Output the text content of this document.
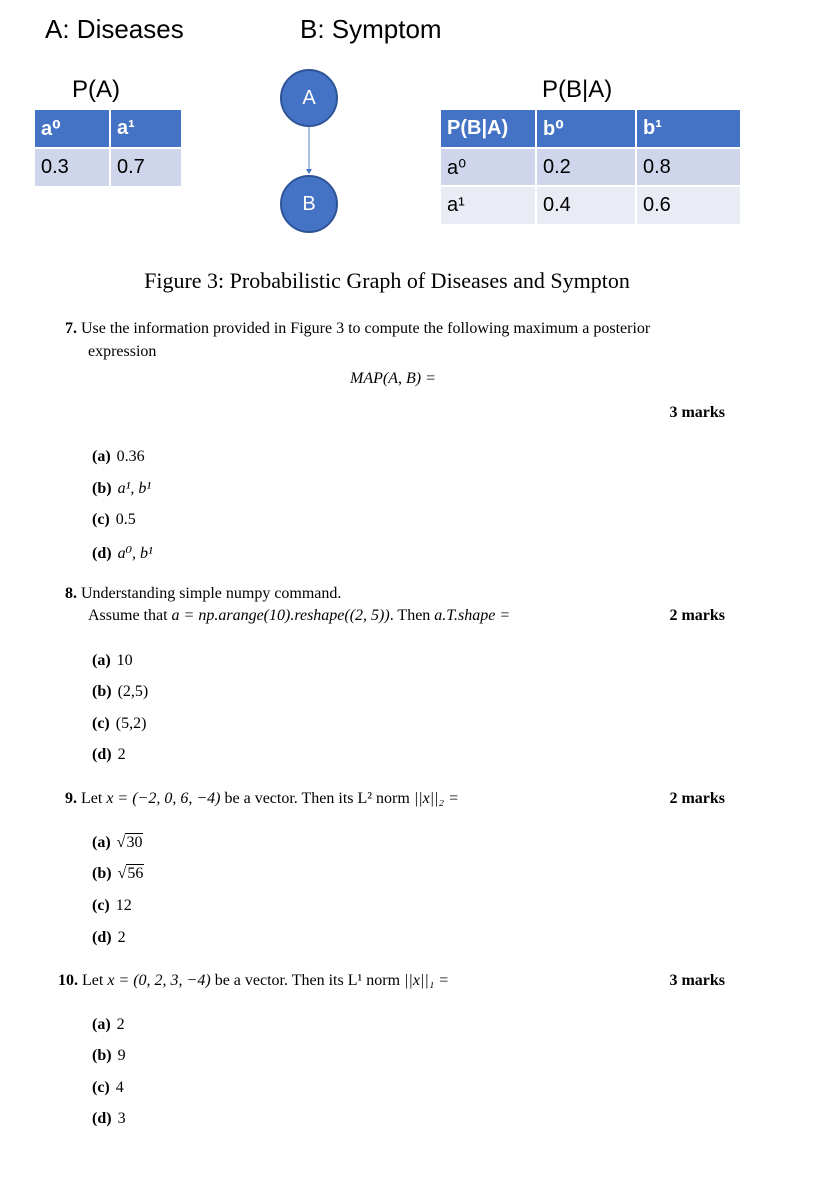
A: Diseases	B: Symptom
P(A)
a⁰	a¹
0.3	0.7
A
B
P(B|A)
P(B|A)	b⁰	b¹
a⁰	0.2	0.8
a¹	0.4	0.6
Figure 3: Probabilistic Graph of Diseases and Sympton
7. Use the information provided in Figure 3 to compute the following maximum a posterior
expression
MAP(A, B) =
3 marks
(a) 0.36
(b) a¹, b¹
(c) 0.5
(d) a⁰, b¹
8. Understanding simple numpy command.
Assume that a = np.arange(10).reshape((2, 5)). Then a.T.shape =	2 marks
(a) 10
(b) (2,5)
(c) (5,2)
(d) 2
9. Let x = (−2, 0, 6, −4) be a vector. Then its L² norm ||x||₂ =	2 marks
(a) √30
(b) √56
(c) 12
(d) 2
10. Let x = (0, 2, 3, −4) be a vector. Then its L¹ norm ||x||₁ =	3 marks
(a) 2
(b) 9
(c) 4
(d) 3
